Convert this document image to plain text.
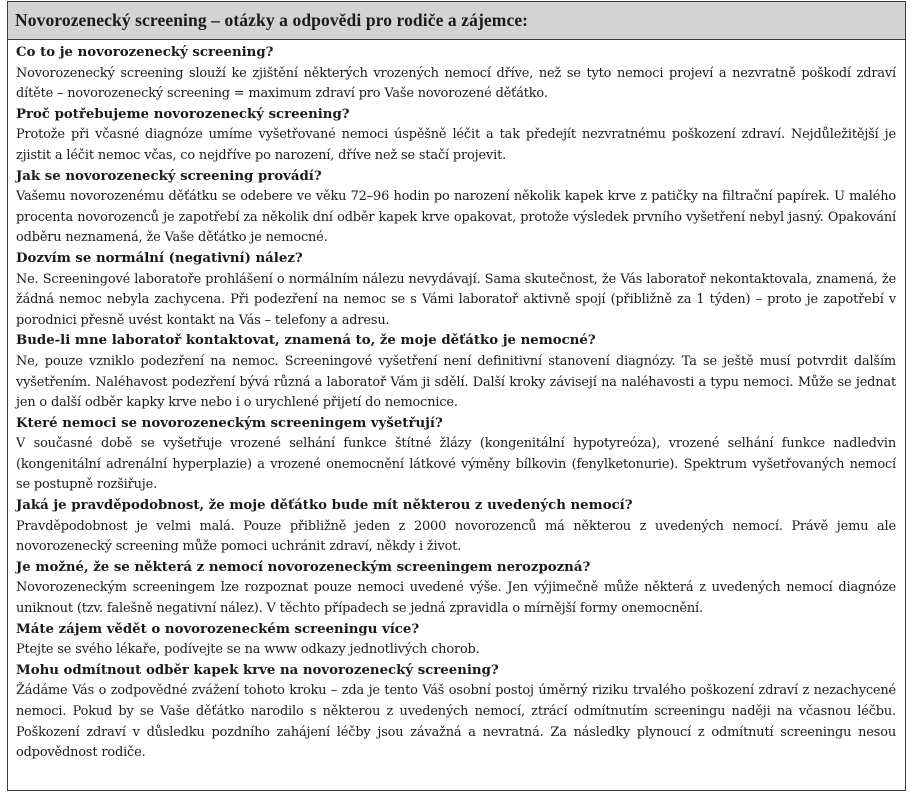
Novorozenecký screening – otázky a odpovědi pro rodiče a zájemce:

Co to je novorozenecký screening?

Novorozenecký screening slouží ke zjištění některých vrozených nemocí dříve, než se tyto nemoci projeví a nezvratně poškodí zdraví dítěte – novorozenecký screening = maximum zdraví pro Vaše novorozené děťátko.

Proč potřebujeme novorozenecký screening?

Protože při včasné diagnóze umíme vyšetřované nemoci úspěšně léčit a tak předejít nezvratnému poškození zdraví. Nejdůležitější je zjistit a léčit nemoc včas, co nejdříve po narození, dříve než se stačí projevit.

Jak se novorozenecký screening provádí?

Vašemu novorozenému děťátku se odebere ve věku 72–96 hodin po narození několik kapek krve z patičky na filtrační papírek. U malého procenta novorozenců je zapotřebí za několik dní odběr kapek krve opakovat, protože výsledek prvního vyšetření nebyl jasný. Opakování odběru neznamená, že Vaše děťátko je nemocné.

Dozvím se normální (negativní) nález?

Ne. Screeningové laboratoře prohlášení o normálním nálezu nevydávají. Sama skutečnost, že Vás laboratoř nekontaktovala, znamená, že žádná nemoc nebyla zachycena. Při podezření na nemoc se s Vámi laboratoř aktivně spojí (přibližně za 1 týden) – proto je zapotřebí v porodnici přesně uvést kontakt na Vás – telefony a adresu.

Bude-li mne laboratoř kontaktovat, znamená to, že moje děťátko je nemocné?

Ne, pouze vzniklo podezření na nemoc. Screeningové vyšetření není definitivní stanovení diagnózy. Ta se ještě musí potvrdit dalším vyšetřením. Naléhavost podezření bývá různá a laboratoř Vám ji sdělí. Další kroky závisejí na naléhavosti a typu nemoci. Může se jednat jen o další odběr kapky krve nebo i o urychlené přijetí do nemocnice.

Které nemoci se novorozeneckým screeningem vyšetřují?

V současné době se vyšetřuje vrozené selhání funkce štítné žlázy (kongenitální hypotyreóza), vrozené selhání funkce nadledvin (kongenitální adrenální hyperplazie) a vrozené onemocnění látkové výměny bílkovin (fenylketonurie). Spektrum vyšetřovaných nemocí se postupně rozšiřuje.

Jaká je pravděpodobnost, že moje děťátko bude mít některou z uvedených nemocí?

Pravděpodobnost je velmi malá. Pouze přibližně jeden z 2000 novorozenců má některou z uvedených nemocí. Právě jemu ale novorozenecký screening může pomoci uchránit zdraví, někdy i život.

Je možné, že se některá z nemocí novorozeneckým screeningem nerozpozná?

Novorozeneckým screeningem lze rozpoznat pouze nemoci uvedené výše. Jen výjimečně může některá z uvedených nemocí diagnóze uniknout (tzv. falešně negativní nález). V těchto případech se jedná zpravidla o mírnější formy onemocnění.

Máte zájem vědět o novorozeneckém screeningu více?

Ptejte se svého lékaře, podívejte se na www odkazy jednotlivých chorob.

Mohu odmítnout odběr kapek krve na novorozenecký screening?

Žádáme Vás o zodpovědné zvážení tohoto kroku – zda je tento Váš osobní postoj úměrný riziku trvalého poškození zdraví z nezachycené nemoci. Pokud by se Vaše děťátko narodilo s některou z uvedených nemocí, ztrácí odmítnutím screeningu naději na včasnou léčbu. Poškození zdraví v důsledku pozdního zahájení léčby jsou závažná a nevratná. Za následky plynoucí z odmítnutí screeningu nesou odpovědnost rodiče.
